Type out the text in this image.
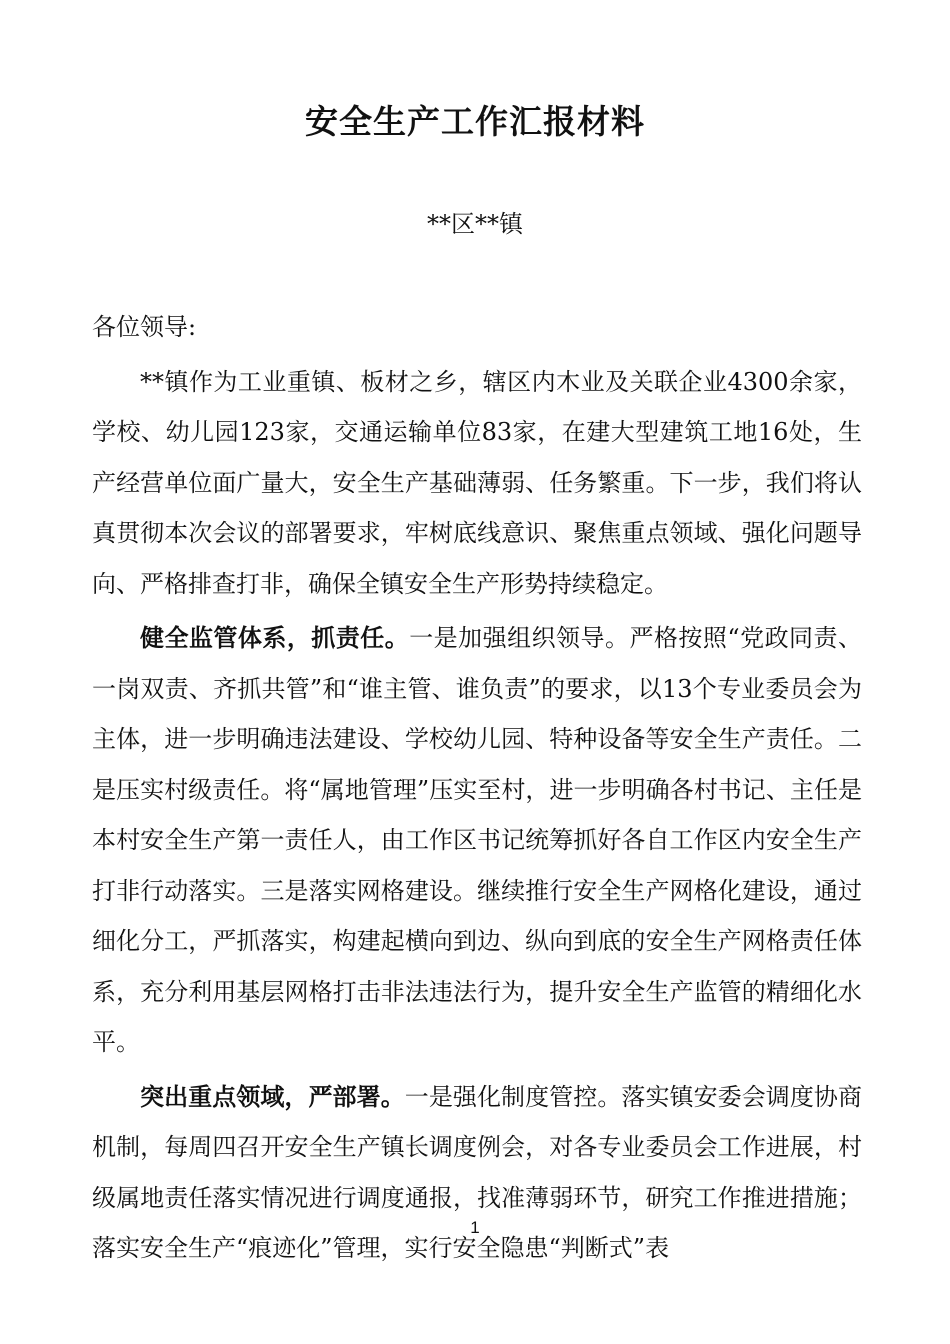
安全生产工作汇报材料

**区**镇

各位领导:

**镇作为工业重镇、板材之乡，辖区内木业及关联企业4300余家，学校、幼儿园123家，交通运输单位83家，在建大型建筑工地16处，生产经营单位面广量大，安全生产基础薄弱、任务繁重。下一步，我们将认真贯彻本次会议的部署要求，牢树底线意识、聚焦重点领域、强化问题导向、严格排查打非，确保全镇安全生产形势持续稳定。

健全监管体系，抓责任。一是加强组织领导。严格按照“党政同责、一岗双责、齐抓共管”和“谁主管、谁负责”的要求，以13个专业委员会为主体，进一步明确违法建设、学校幼儿园、特种设备等安全生产责任。二是压实村级责任。将“属地管理”压实至村，进一步明确各村书记、主任是本村安全生产第一责任人，由工作区书记统筹抓好各自工作区内安全生产打非行动落实。三是落实网格建设。继续推行安全生产网格化建设，通过细化分工，严抓落实，构建起横向到边、纵向到底的安全生产网格责任体系，充分利用基层网格打击非法违法行为，提升安全生产监管的精细化水平。

突出重点领域，严部署。一是强化制度管控。落实镇安委会调度协商机制，每周四召开安全生产镇长调度例会，对各专业委员会工作进展，村级属地责任落实情况进行调度通报，找准薄弱环节，研究工作推进措施；落实安全生产“痕迹化”管理，实行安全隐患“判断式”表

1
